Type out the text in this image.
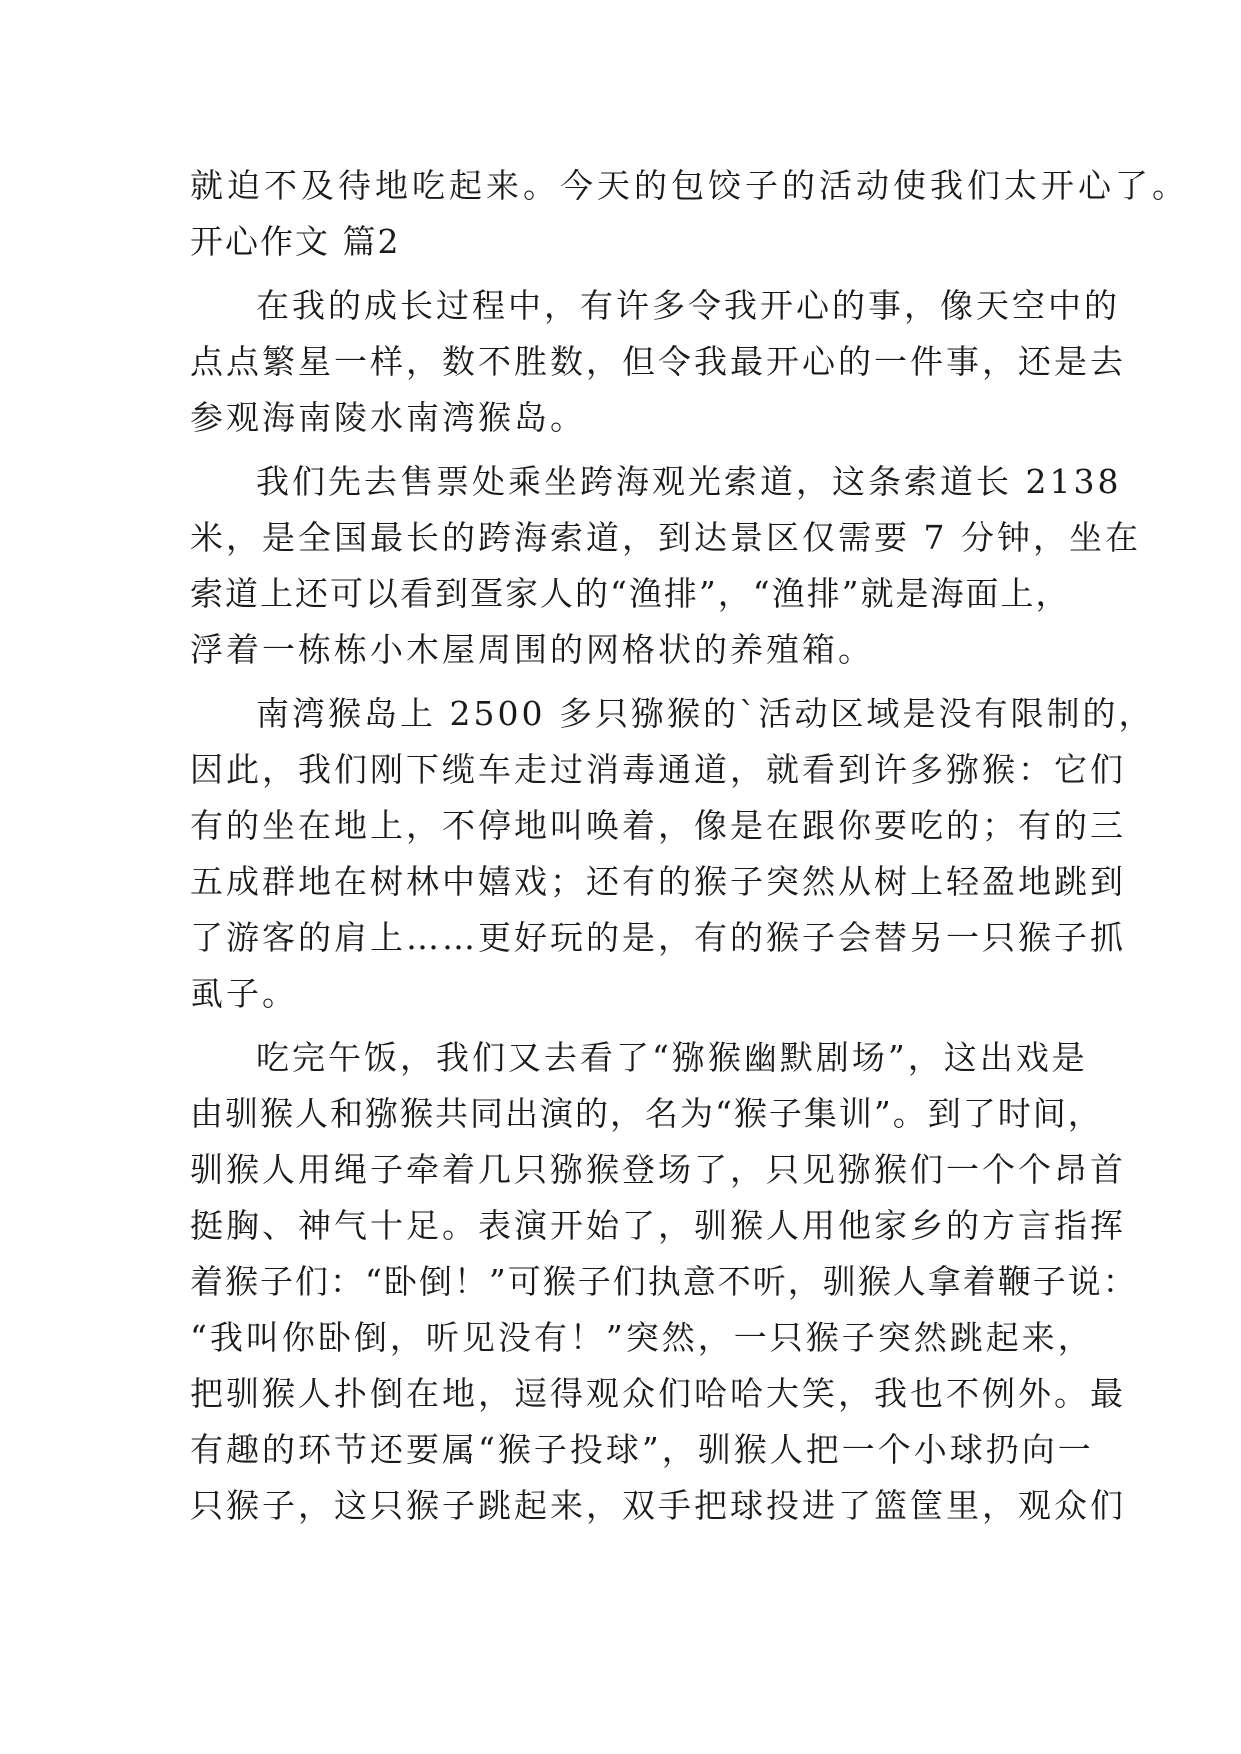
就迫不及待地吃起来。今天的包饺子的活动使我们太开心了。
开心作文 篇2
在我的成长过程中，有许多令我开心的事，像天空中的
点点繁星一样，数不胜数，但令我最开心的一件事，还是去
参观海南陵水南湾猴岛。
我们先去售票处乘坐跨海观光索道，这条索道长 2138
米，是全国最长的跨海索道，到达景区仅需要 7 分钟，坐在
索道上还可以看到疍家人的“渔排”，“渔排”就是海面上，
浮着一栋栋小木屋周围的网格状的养殖箱。
南湾猴岛上 2500 多只猕猴的`活动区域是没有限制的，
因此，我们刚下缆车走过消毒通道，就看到许多猕猴：它们
有的坐在地上，不停地叫唤着，像是在跟你要吃的；有的三
五成群地在树林中嬉戏；还有的猴子突然从树上轻盈地跳到
了游客的肩上……更好玩的是，有的猴子会替另一只猴子抓
虱子。
吃完午饭，我们又去看了“猕猴幽默剧场”，这出戏是
由驯猴人和猕猴共同出演的，名为“猴子集训”。到了时间，
驯猴人用绳子牵着几只猕猴登场了，只见猕猴们一个个昂首
挺胸、神气十足。表演开始了，驯猴人用他家乡的方言指挥
着猴子们：“卧倒！”可猴子们执意不听，驯猴人拿着鞭子说：
“我叫你卧倒，听见没有！”突然，一只猴子突然跳起来，
把驯猴人扑倒在地，逗得观众们哈哈大笑，我也不例外。最
有趣的环节还要属“猴子投球”，驯猴人把一个小球扔向一
只猴子，这只猴子跳起来，双手把球投进了篮筐里，观众们
